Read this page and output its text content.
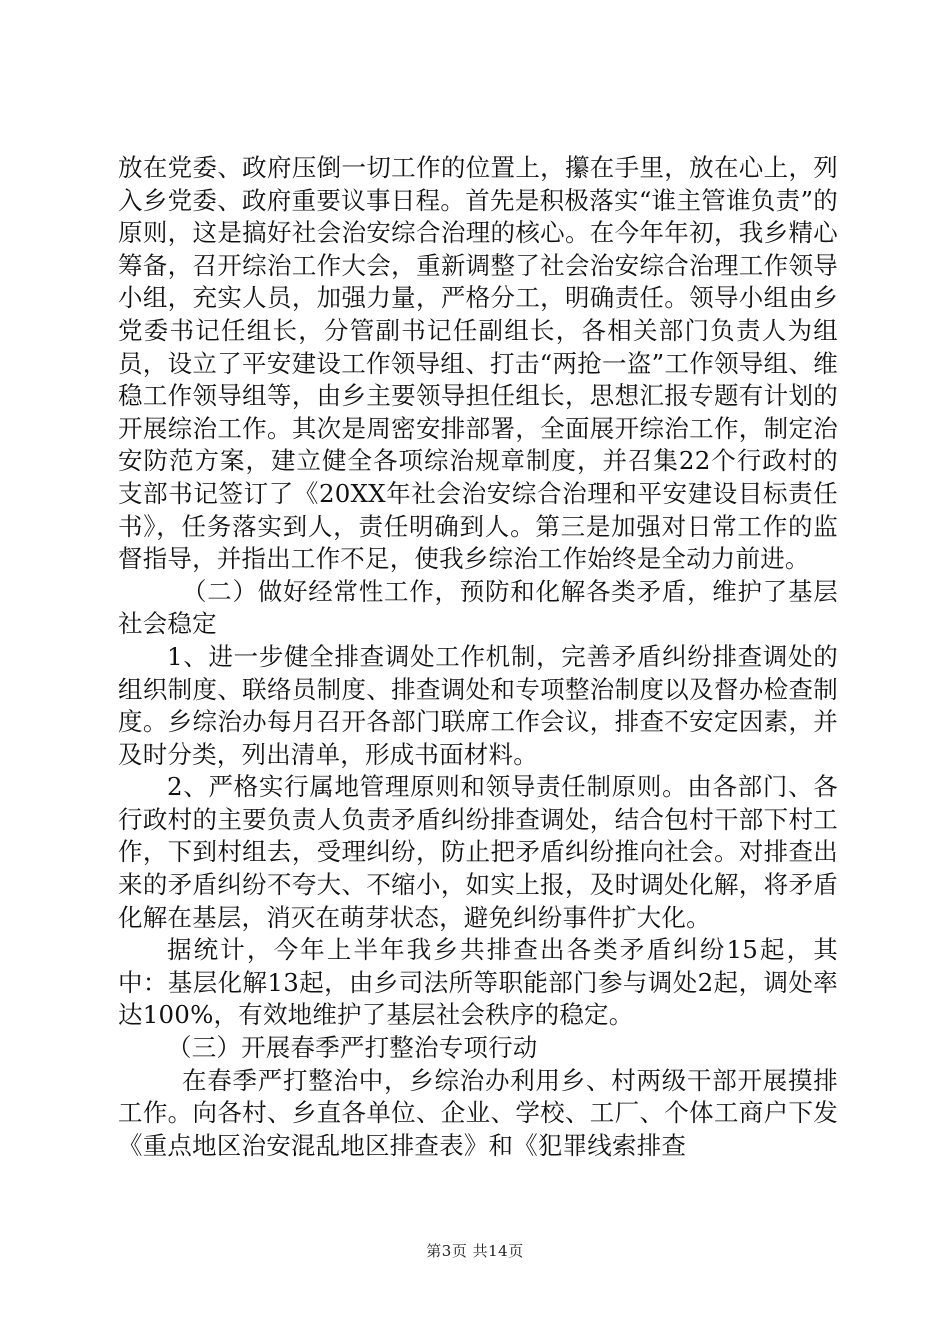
放在党委、政府压倒一切工作的位置上，攥在手里，放在心上，列入乡党委、政府重要议事日程。首先是积极落实“谁主管谁负责”的原则，这是搞好社会治安综合治理的核心。在今年年初，我乡精心筹备，召开综治工作大会，重新调整了社会治安综合治理工作领导小组，充实人员，加强力量，严格分工，明确责任。领导小组由乡党委书记任组长，分管副书记任副组长，各相关部门负责人为组员，设立了平安建设工作领导组、打击“两抢一盗”工作领导组、维稳工作领导组等，由乡主要领导担任组长，思想汇报专题有计划的开展综治工作。其次是周密安排部署，全面展开综治工作，制定治安防范方案，建立健全各项综治规章制度，并召集22个行政村的支部书记签订了《20XX年社会治安综合治理和平安建设目标责任书》，任务落实到人，责任明确到人。第三是加强对日常工作的监督指导，并指出工作不足，使我乡综治工作始终是全动力前进。

（二）做好经常性工作，预防和化解各类矛盾，维护了基层社会稳定

1、进一步健全排查调处工作机制，完善矛盾纠纷排查调处的组织制度、联络员制度、排查调处和专项整治制度以及督办检查制度。乡综治办每月召开各部门联席工作会议，排查不安定因素，并及时分类，列出清单，形成书面材料。

2、严格实行属地管理原则和领导责任制原则。由各部门、各行政村的主要负责人负责矛盾纠纷排查调处，结合包村干部下村工作，下到村组去，受理纠纷，防止把矛盾纠纷推向社会。对排查出来的矛盾纠纷不夸大、不缩小，如实上报，及时调处化解，将矛盾化解在基层，消灭在萌芽状态，避免纠纷事件扩大化。

据统计，今年上半年我乡共排查出各类矛盾纠纷15起，其中：基层化解13起，由乡司法所等职能部门参与调处2起，调处率达100%，有效地维护了基层社会秩序的稳定。

（三）开展春季严打整治专项行动

在春季严打整治中，乡综治办利用乡、村两级干部开展摸排工作。向各村、乡直各单位、企业、学校、工厂、个体工商户下发《重点地区治安混乱地区排查表》和《犯罪线索排查

第3页 共14页
